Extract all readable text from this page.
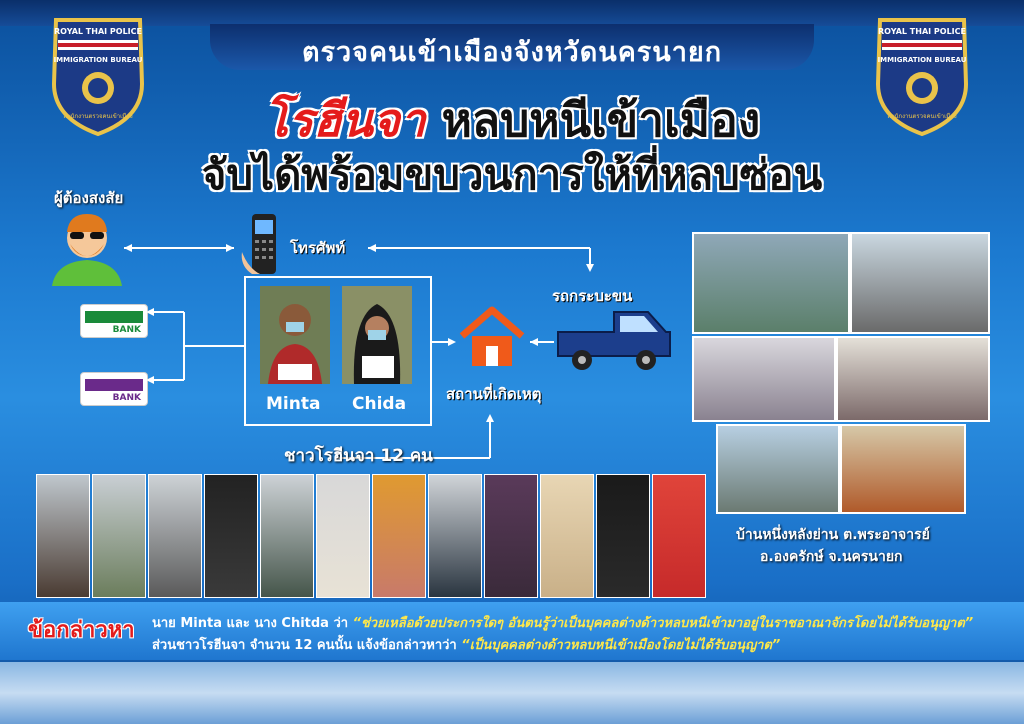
ตรวจคนเข้าเมืองจังหวัดนครนายก
โรฮีนจา หลบหนีเข้าเมือง
จับได้พร้อมขบวนการให้ที่หลบซ่อน
ROYAL THAI POLICE
IMMIGRATION BUREAU
สำนักงานตรวจคนเข้าเมือง
ROYAL THAI POLICE
IMMIGRATION BUREAU
สำนักงานตรวจคนเข้าเมือง
ผู้ต้องสงสัย
BANK
BANK
โทรศัพท์
Minta Chida	สถานที่เกิดเหตุ
รถกระบะขน
ชาวโรฮีนจา 12 คน
บ้านหนึ่งหลังย่าน ต.พระอาจารย์
อ.องครักษ์ จ.นครนายก
ข้อกล่าวหา นาย Minta และ นาง Chitda ว่า “ช่วยเหลือด้วยประการใดๆ อันตนรู้ว่าเป็นบุคคลต่างด้าวหลบหนีเข้ามาอยู่ในราชอาณาจักรโดยไม่ได้รับอนุญาต”
ส่วนชาวโรฮีนจา จำนวน 12 คนนั้น แจ้งข้อกล่าวหาว่า “เป็นบุคคลต่างด้าวหลบหนีเข้าเมืองโดยไม่ได้รับอนุญาต”
